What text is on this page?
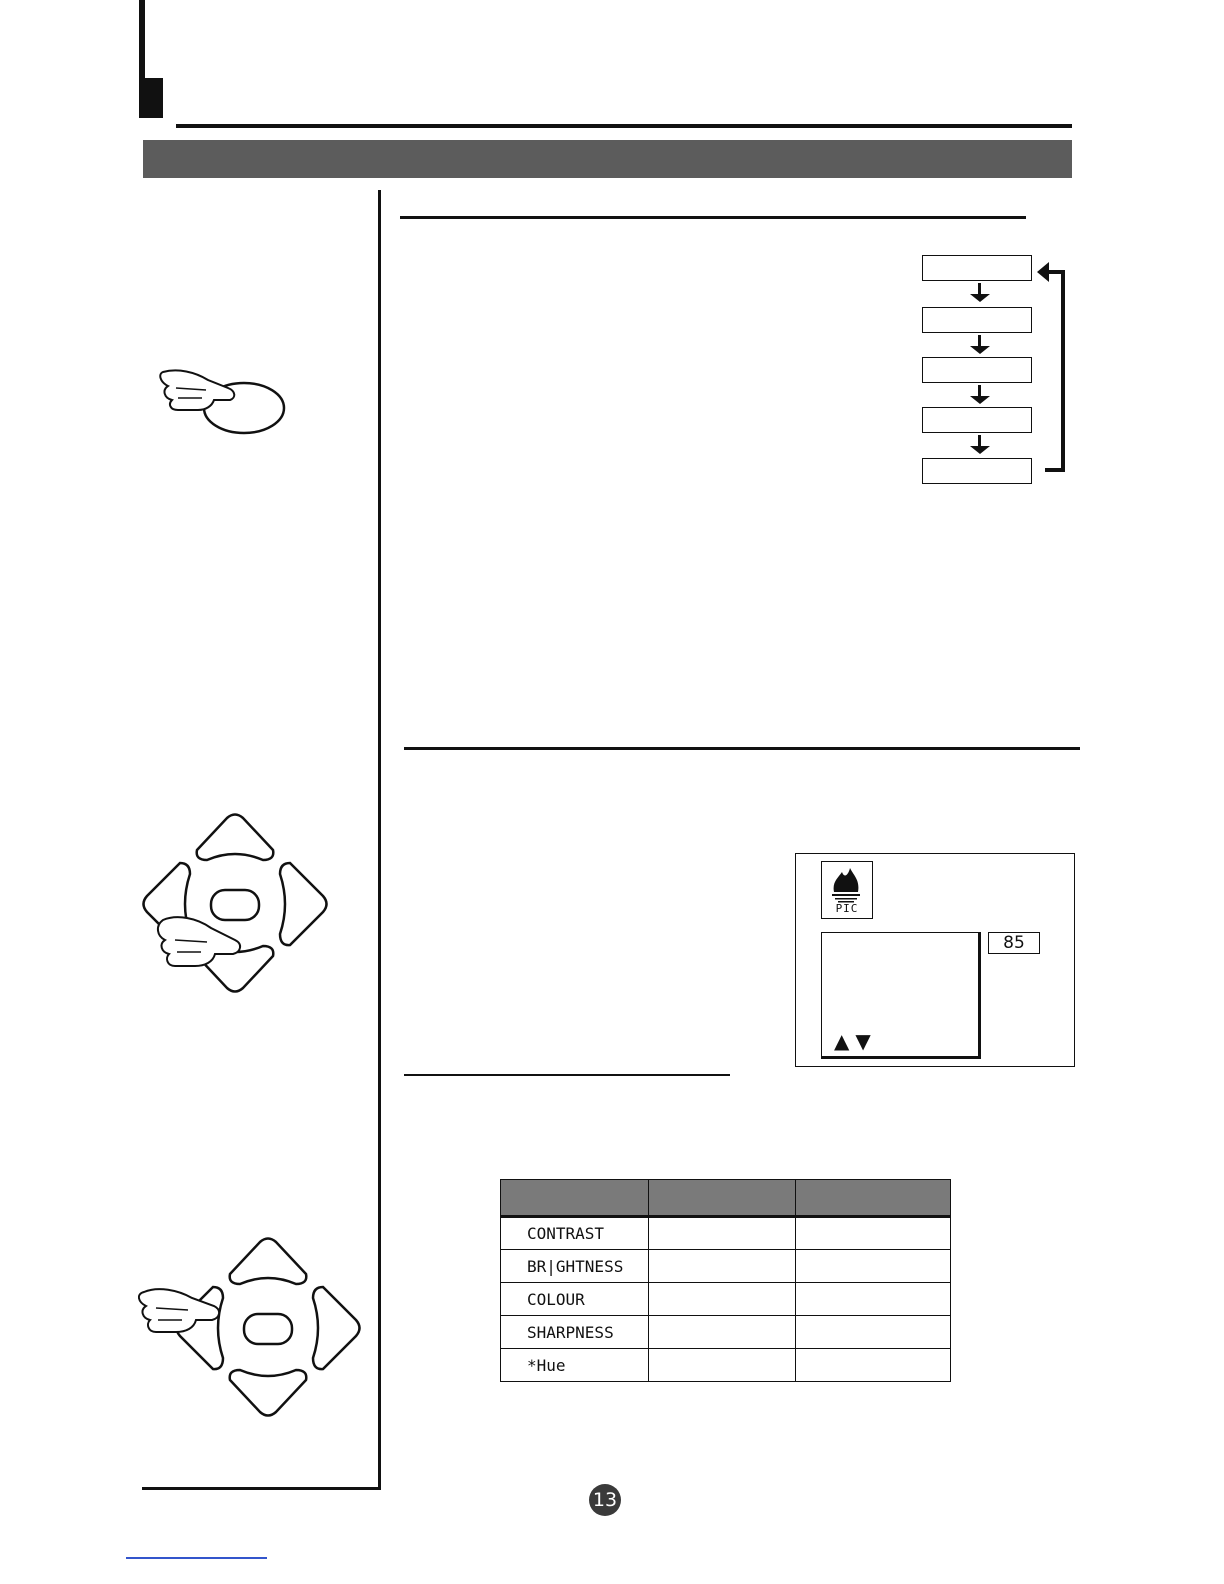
PIC
▲▼
85

CONTRAST		
BR|GHTNESS		
COLOUR		
SHARPNESS		
*Hue		
13
